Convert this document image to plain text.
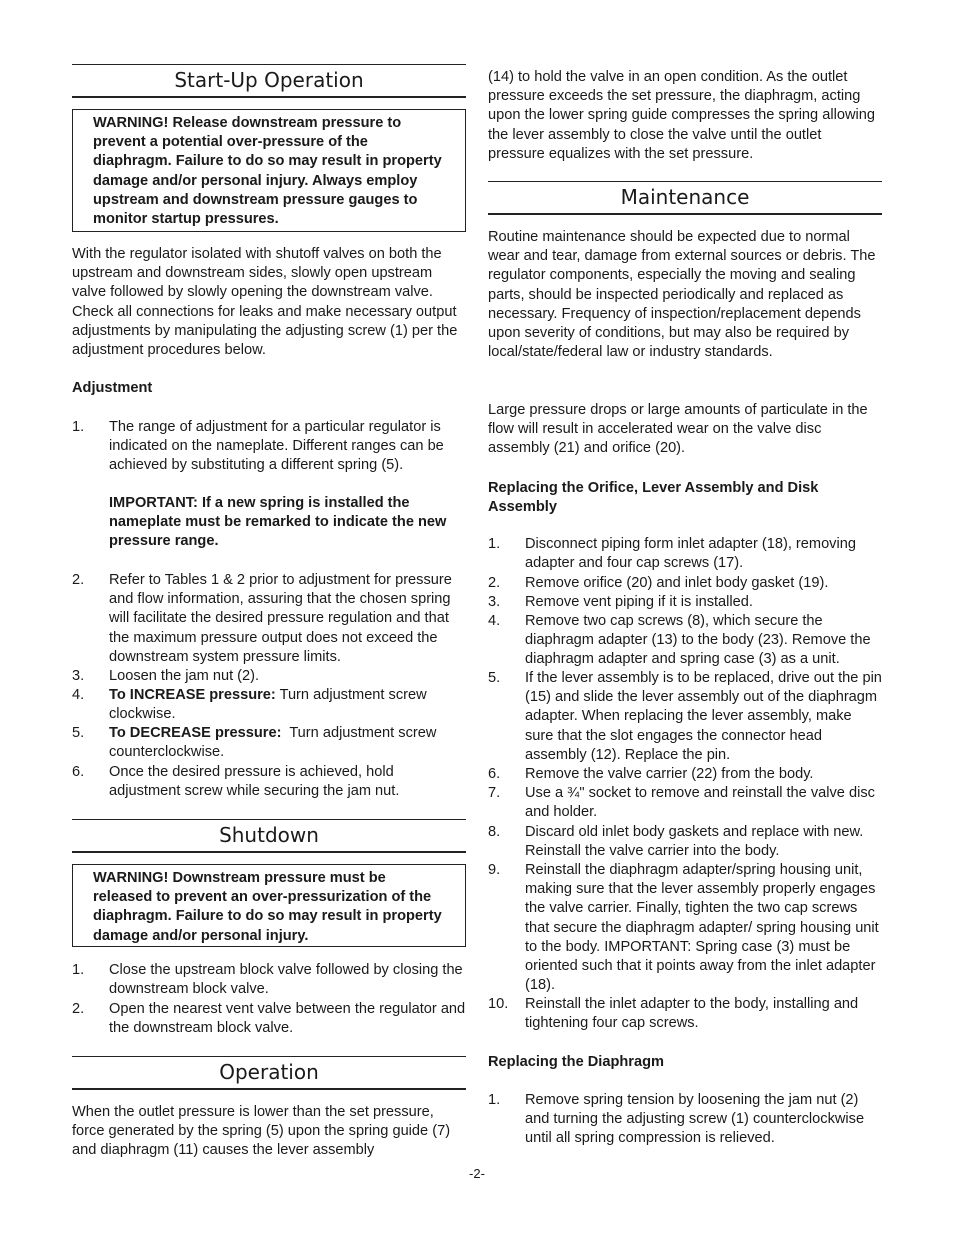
Start-Up Operation
WARNING! Release downstream pressure to prevent a potential over-pressure of the diaphragm. Failure to do so may result in property damage and/or personal injury. Always employ upstream and downstream pressure gauges to monitor startup pressures.

With the regulator isolated with shutoff valves on both the upstream and downstream sides, slowly open upstream valve followed by slowly opening the downstream valve. Check all connections for leaks and make necessary output adjustments by manipulating the adjusting screw (1) per the adjustment procedures below.

Adjustment
1. The range of adjustment for a particular regulator is indicated on the nameplate. Different ranges can be achieved by substituting a different spring (5).
IMPORTANT: If a new spring is installed the nameplate must be remarked to indicate the new pressure range.
2. Refer to Tables 1 & 2 prior to adjustment for pressure and flow information, assuring that the chosen spring will facilitate the desired pressure regulation and that the maximum pressure output does not exceed the downstream system pressure limits.
3. Loosen the jam nut (2).
4. To INCREASE pressure: Turn adjustment screw clockwise.
5. To DECREASE pressure:  Turn adjustment screw counterclockwise.
6. Once the desired pressure is achieved, hold adjustment screw while securing the jam nut.
Shutdown
WARNING! Downstream pressure must be released to prevent an over-pressurization of the diaphragm. Failure to do so may result in property damage and/or personal injury.
1. Close the upstream block valve followed by closing the downstream block valve.
2. Open the nearest vent valve between the regulator and the downstream block valve.
Operation

When the outlet pressure is lower than the set pressure, force generated by the spring (5) upon the spring guide (7) and diaphragm (11) causes the lever assembly

(14) to hold the valve in an open condition. As the outlet pressure exceeds the set pressure, the diaphragm, acting upon the lower spring guide compresses the spring allowing the lever assembly to close the valve until the outlet pressure equalizes with the set pressure.

Maintenance

Routine maintenance should be expected due to normal wear and tear, damage from external sources or debris. The regulator components, especially the moving and sealing parts, should be inspected periodically and replaced as necessary. Frequency of inspection/replacement depends upon severity of conditions, but may also be required by local/state/federal law or industry standards.

Large pressure drops or large amounts of particulate in the flow will result in accelerated wear on the valve disc assembly (21) and orifice (20).

Replacing the Orifice, Lever Assembly and Disk Assembly
1. Disconnect piping form inlet adapter (18), removing adapter and four cap screws (17).
2. Remove orifice (20) and inlet body gasket (19).
3. Remove vent piping if it is installed.
4. Remove two cap screws (8), which secure the diaphragm adapter (13) to the body (23). Remove the diaphragm adapter and spring case (3) as a unit.
5. If the lever assembly is to be replaced, drive out the pin (15) and slide the lever assembly out of the diaphragm adapter. When replacing the lever assembly, make sure that the slot engages the connector head assembly (12). Replace the pin.
6. Remove the valve carrier (22) from the body.
7. Use a ¾" socket to remove and reinstall the valve disc and holder.
8. Discard old inlet body gaskets and replace with new. Reinstall the valve carrier into the body.
9. Reinstall the diaphragm adapter/spring housing unit, making sure that the lever assembly properly engages the valve carrier. Finally, tighten the two cap screws that secure the diaphragm adapter/ spring housing unit to the body. IMPORTANT: Spring case (3) must be oriented such that it points away from the inlet adapter (18).
10. Reinstall the inlet adapter to the body, installing and tightening four cap screws.
Replacing the Diaphragm
1. Remove spring tension by loosening the jam nut (2) and turning the adjusting screw (1) counterclockwise until all spring compression is relieved.
-2-
